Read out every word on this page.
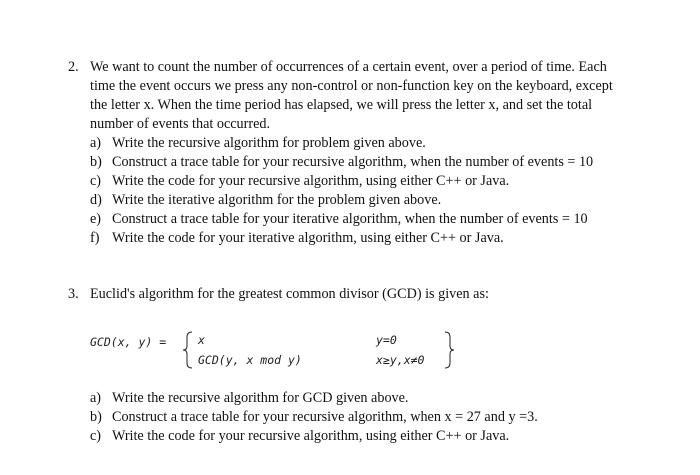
2. We want to count the number of occurrences of a certain event, over a period of time. Each
time the event occurs we press any non-control or non-function key on the keyboard, except
the letter x. When the time period has elapsed, we will press the letter x, and set the total
number of events that occurred.
a) Write the recursive algorithm for problem given above.
b) Construct a trace table for your recursive algorithm, when the number of events = 10
c) Write the code for your recursive algorithm, using either C++ or Java.
d) Write the iterative algorithm for the problem given above.
e) Construct a trace table for your iterative algorithm, when the number of events = 10
f) Write the code for your iterative algorithm, using either C++ or Java.
3. Euclid's algorithm for the greatest common divisor (GCD) is given as:
GCD(x, y) =	x
GCD(y, x mod y)
y=0
x≥y,x≠0
a) Write the recursive algorithm for GCD given above.
b) Construct a trace table for your recursive algorithm, when x = 27 and y =3.
c) Write the code for your recursive algorithm, using either C++ or Java.
